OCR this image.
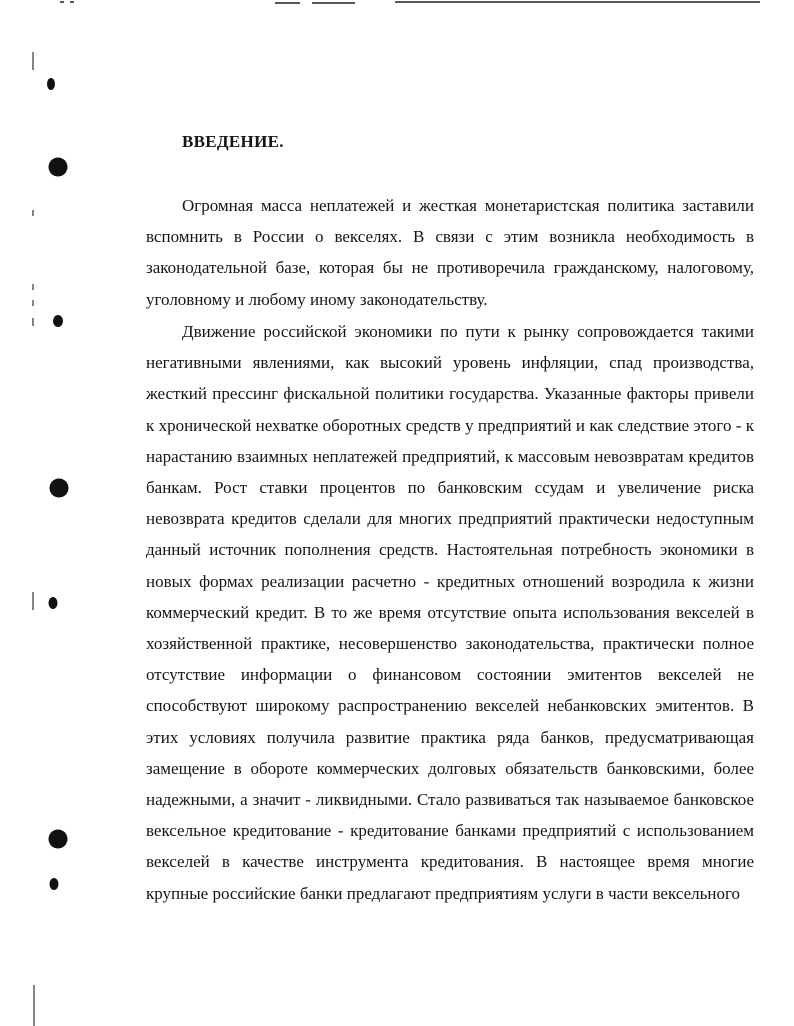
ВВЕДЕНИЕ.

Огромная масса неплатежей и жесткая монетаристская политика заставили вспомнить в России о векселях. В связи с этим возникла необходимость в законодательной базе, которая бы не противоречила гражданскому, налоговому, уголовному и любому иному законодательству.

Движение российской экономики по пути к рынку сопровождается такими негативными явлениями, как высокий уровень инфляции, спад производства, жесткий прессинг фискальной политики государства. Указанные факторы привели к хронической нехватке оборотных средств у предприятий и как следствие этого - к нарастанию взаимных неплатежей предприятий, к массовым невозвратам кредитов банкам. Рост ставки процентов по банковским ссудам и увеличение риска невозврата кредитов сделали для многих предприятий практически недоступным данный источник пополнения средств. Настоятельная потребность экономики в новых формах реализации расчетно - кредитных отношений возродила к жизни коммерческий кредит. В то же время отсутствие опыта использования векселей в хозяйственной практике, несовершенство законодательства, практически полное отсутствие информации о финансовом состоянии эмитентов векселей не способствуют широкому распространению векселей небанковских эмитентов. В этих условиях получила развитие практика ряда банков, предусматривающая замещение в обороте коммерческих долговых обязательств банковскими, более надежными, а значит - ликвидными. Стало развиваться так называемое банковское вексельное кредитование - кредитование банками предприятий с использованием векселей в качестве инструмента кредитования. В настоящее время многие крупные российские банки предлагают предприятиям услуги в части вексельного
